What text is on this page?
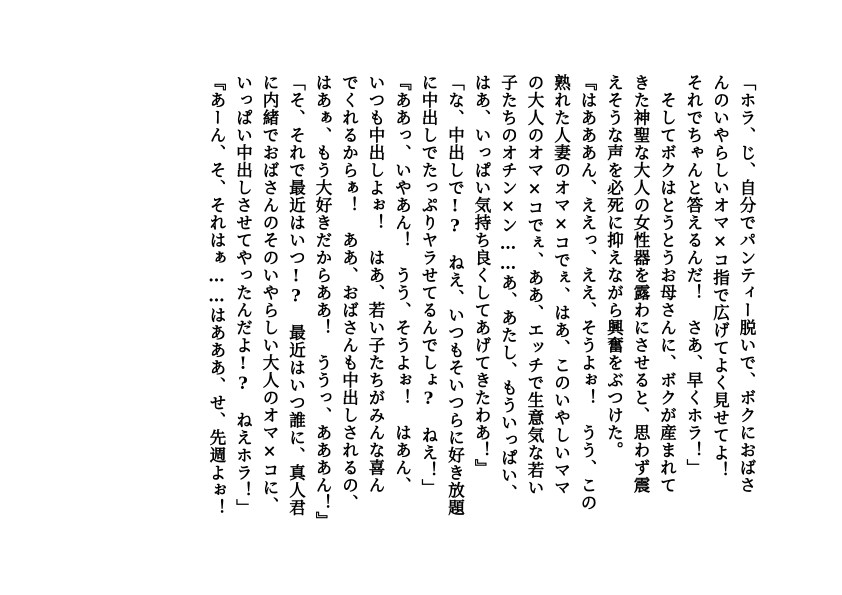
「ホラ、じ、自分でパンティー脱いで、ボクにおばさ
んのいやらしいオマ×コ指で広げてよく見せてよ！
それでちゃんと答えるんだ！　さあ、早くホラ！」
　そしてボクはとうとうお母さんに、ボクが産まれて
きた神聖な大人の女性器を露わにさせると、思わず震
えそうな声を必死に抑えながら興奮をぶつけた。
『はあああん、ええっ、ええ、そうよぉ！　うう、この
熟れた人妻のオマ×コでぇ、はあ、このいやしいママ
の大人のオマ×コでぇ、ああ、エッチで生意気な若い
子たちのオチン×ン……あ、あたし、もういっぱい、
はあ、いっぱい気持ち良くしてあげてきたわあ！』
「な、中出しで!?　ねえ、いつもそいつらに好き放題
に中出しでたっぷりヤラせてるんでしょ?　ねえ！」
『ああっ、いやあん！　うう、そうよぉ！　はあん、
いつも中出しよぉ！　はあ、若い子たちがみんな喜ん
でくれるからぁ！　ああ、おばさんも中出しされるの、
はあぁ、もう大好きだからああ！　ううっ、あああん！』
「そ、それで最近はいつ!?　最近はいつ誰に、真人君
に内緒でおばさんのそのいやらしい大人のオマ×コに、
いっぱい中出しさせてやったんだよ!?　ねえホラ！」
『あーん、そ、それはぁ……はあああ、せ、先週よぉ！
